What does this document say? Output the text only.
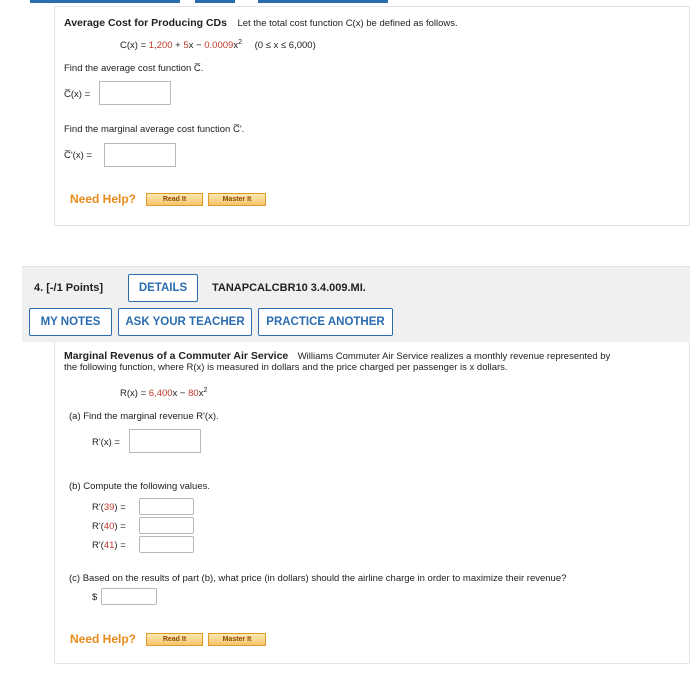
Average Cost for Producing CDs Let the total cost function C(x) be defined as follows.
$C(x) = 1,200 + 5x - 0.0009x^2$ (0 ≤ x ≤ 6,000)
Find the average cost function C̅.
C̅(x) =
Find the marginal average cost function C̅'.
C̅'(x) =
Need Help?	Read It	Master It
4. [-/1 Points]	DETAILS	TANAPCALCBR10 3.4.009.MI.
MY NOTES	ASK YOUR TEACHER	PRACTICE ANOTHER
Marginal Revenus of a Commuter Air Service Williams Commuter Air Service realizes a monthly revenue represented by
the following function, where R(x) is measured in dollars and the price charged per passenger is x dollars.
$R(x) = 6,400x - 80x^2$
(a) Find the marginal revenue R'(x).
R'(x) =
(b) Compute the following values.
R'(39) =
R'(40) =
R'(41) =
(c) Based on the results of part (b), what price (in dollars) should the airline charge in order to maximize their revenue?
$
Need Help?	Read It	Master It
